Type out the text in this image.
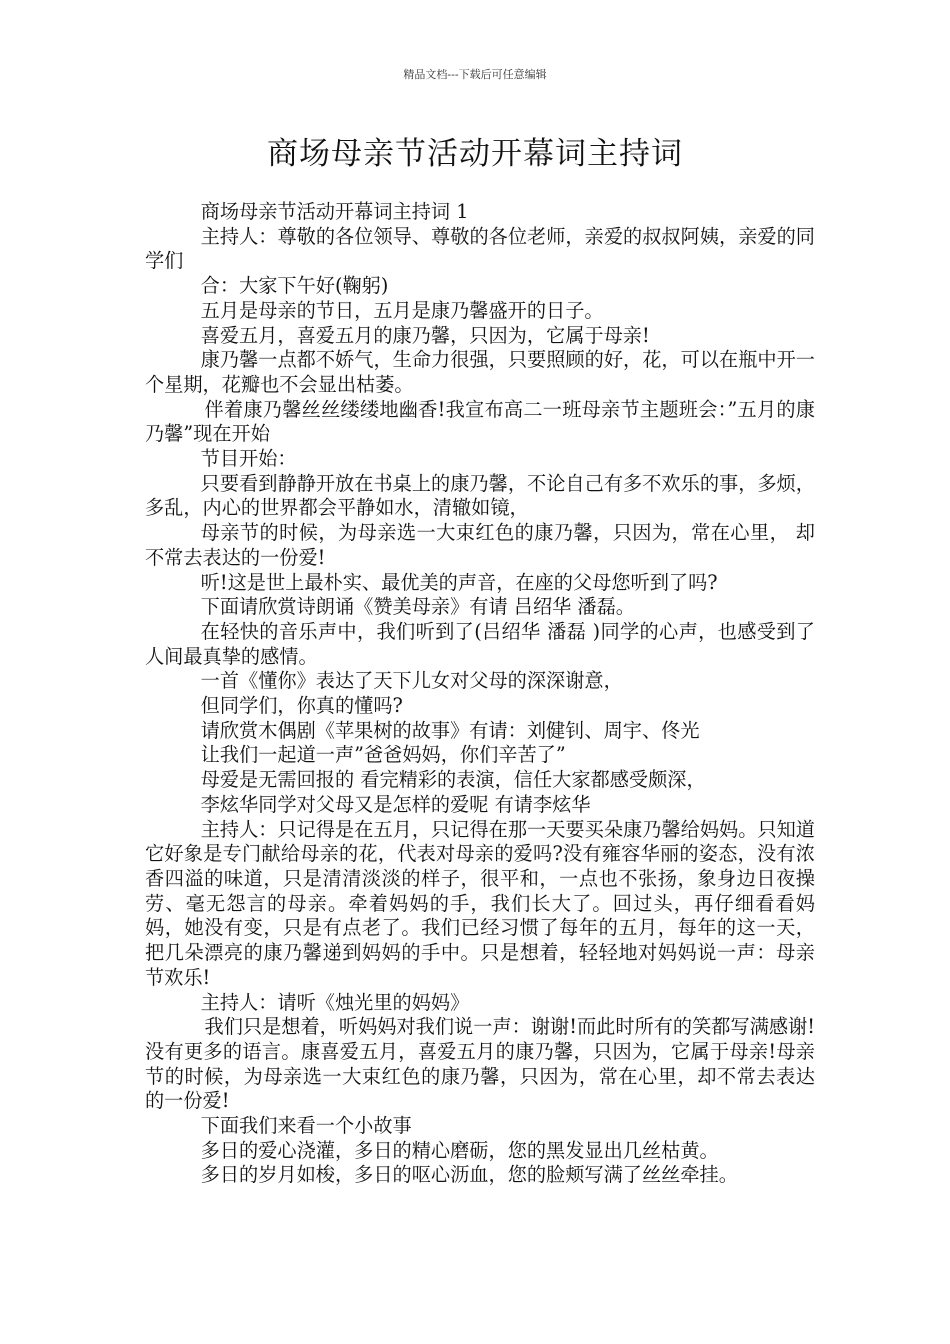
精品文档---下载后可任意编辑
商场母亲节活动开幕词主持词

商场母亲节活动开幕词主持词 1

主持人：尊敬的各位领导、尊敬的各位老师，亲爱的叔叔阿姨，亲爱的同学们

合：大家下午好(鞠躬)

五月是母亲的节日，五月是康乃馨盛开的日子。

喜爱五月，喜爱五月的康乃馨，只因为，它属于母亲!

康乃馨一点都不娇气，生命力很强，只要照顾的好，花，可以在瓶中开一个星期，花瓣也不会显出枯萎。

伴着康乃馨丝丝缕缕地幽香!我宣布高二一班母亲节主题班会：”五月的康乃馨”现在开始

节目开始：

只要看到静静开放在书桌上的康乃馨，不论自己有多不欢乐的事，多烦，多乱，内心的世界都会平静如水，清辙如镜，

母亲节的时候，为母亲选一大束红色的康乃馨，只因为，常在心里， 却不常去表达的一份爱!

听!这是世上最朴实、最优美的声音，在座的父母您听到了吗?

下面请欣赏诗朗诵《赞美母亲》有请 吕绍华 潘磊。

在轻快的音乐声中，我们听到了(吕绍华 潘磊 )同学的心声，也感受到了人间最真挚的感情。

一首《懂你》表达了天下儿女对父母的深深谢意，

但同学们，你真的懂吗?

请欣赏木偶剧《苹果树的故事》有请：刘健钊、周宇、佟光

让我们一起道一声”爸爸妈妈，你们辛苦了”

母爱是无需回报的 看完精彩的表演，信任大家都感受颇深，

李炫华同学对父母又是怎样的爱呢 有请李炫华

主持人：只记得是在五月，只记得在那一天要买朵康乃馨给妈妈。只知道它好象是专门献给母亲的花，代表对母亲的爱吗?没有雍容华丽的姿态，没有浓香四溢的味道，只是清清淡淡的样子，很平和，一点也不张扬，象身边日夜操劳、毫无怨言的母亲。牵着妈妈的手，我们长大了。回过头，再仔细看看妈妈，她没有变，只是有点老了。我们已经习惯了每年的五月，每年的这一天，把几朵漂亮的康乃馨递到妈妈的手中。只是想着，轻轻地对妈妈说一声：母亲节欢乐!

主持人：请听《烛光里的妈妈》

我们只是想着，听妈妈对我们说一声：谢谢!而此时所有的笑都写满感谢!没有更多的语言。康喜爱五月，喜爱五月的康乃馨，只因为，它属于母亲!母亲节的时候，为母亲选一大束红色的康乃馨，只因为，常在心里，却不常去表达的一份爱!

下面我们来看一个小故事

多日的爱心浇灌，多日的精心磨砺，您的黑发显出几丝枯黄。

多日的岁月如梭，多日的呕心沥血，您的脸颊写满了丝丝牵挂。
